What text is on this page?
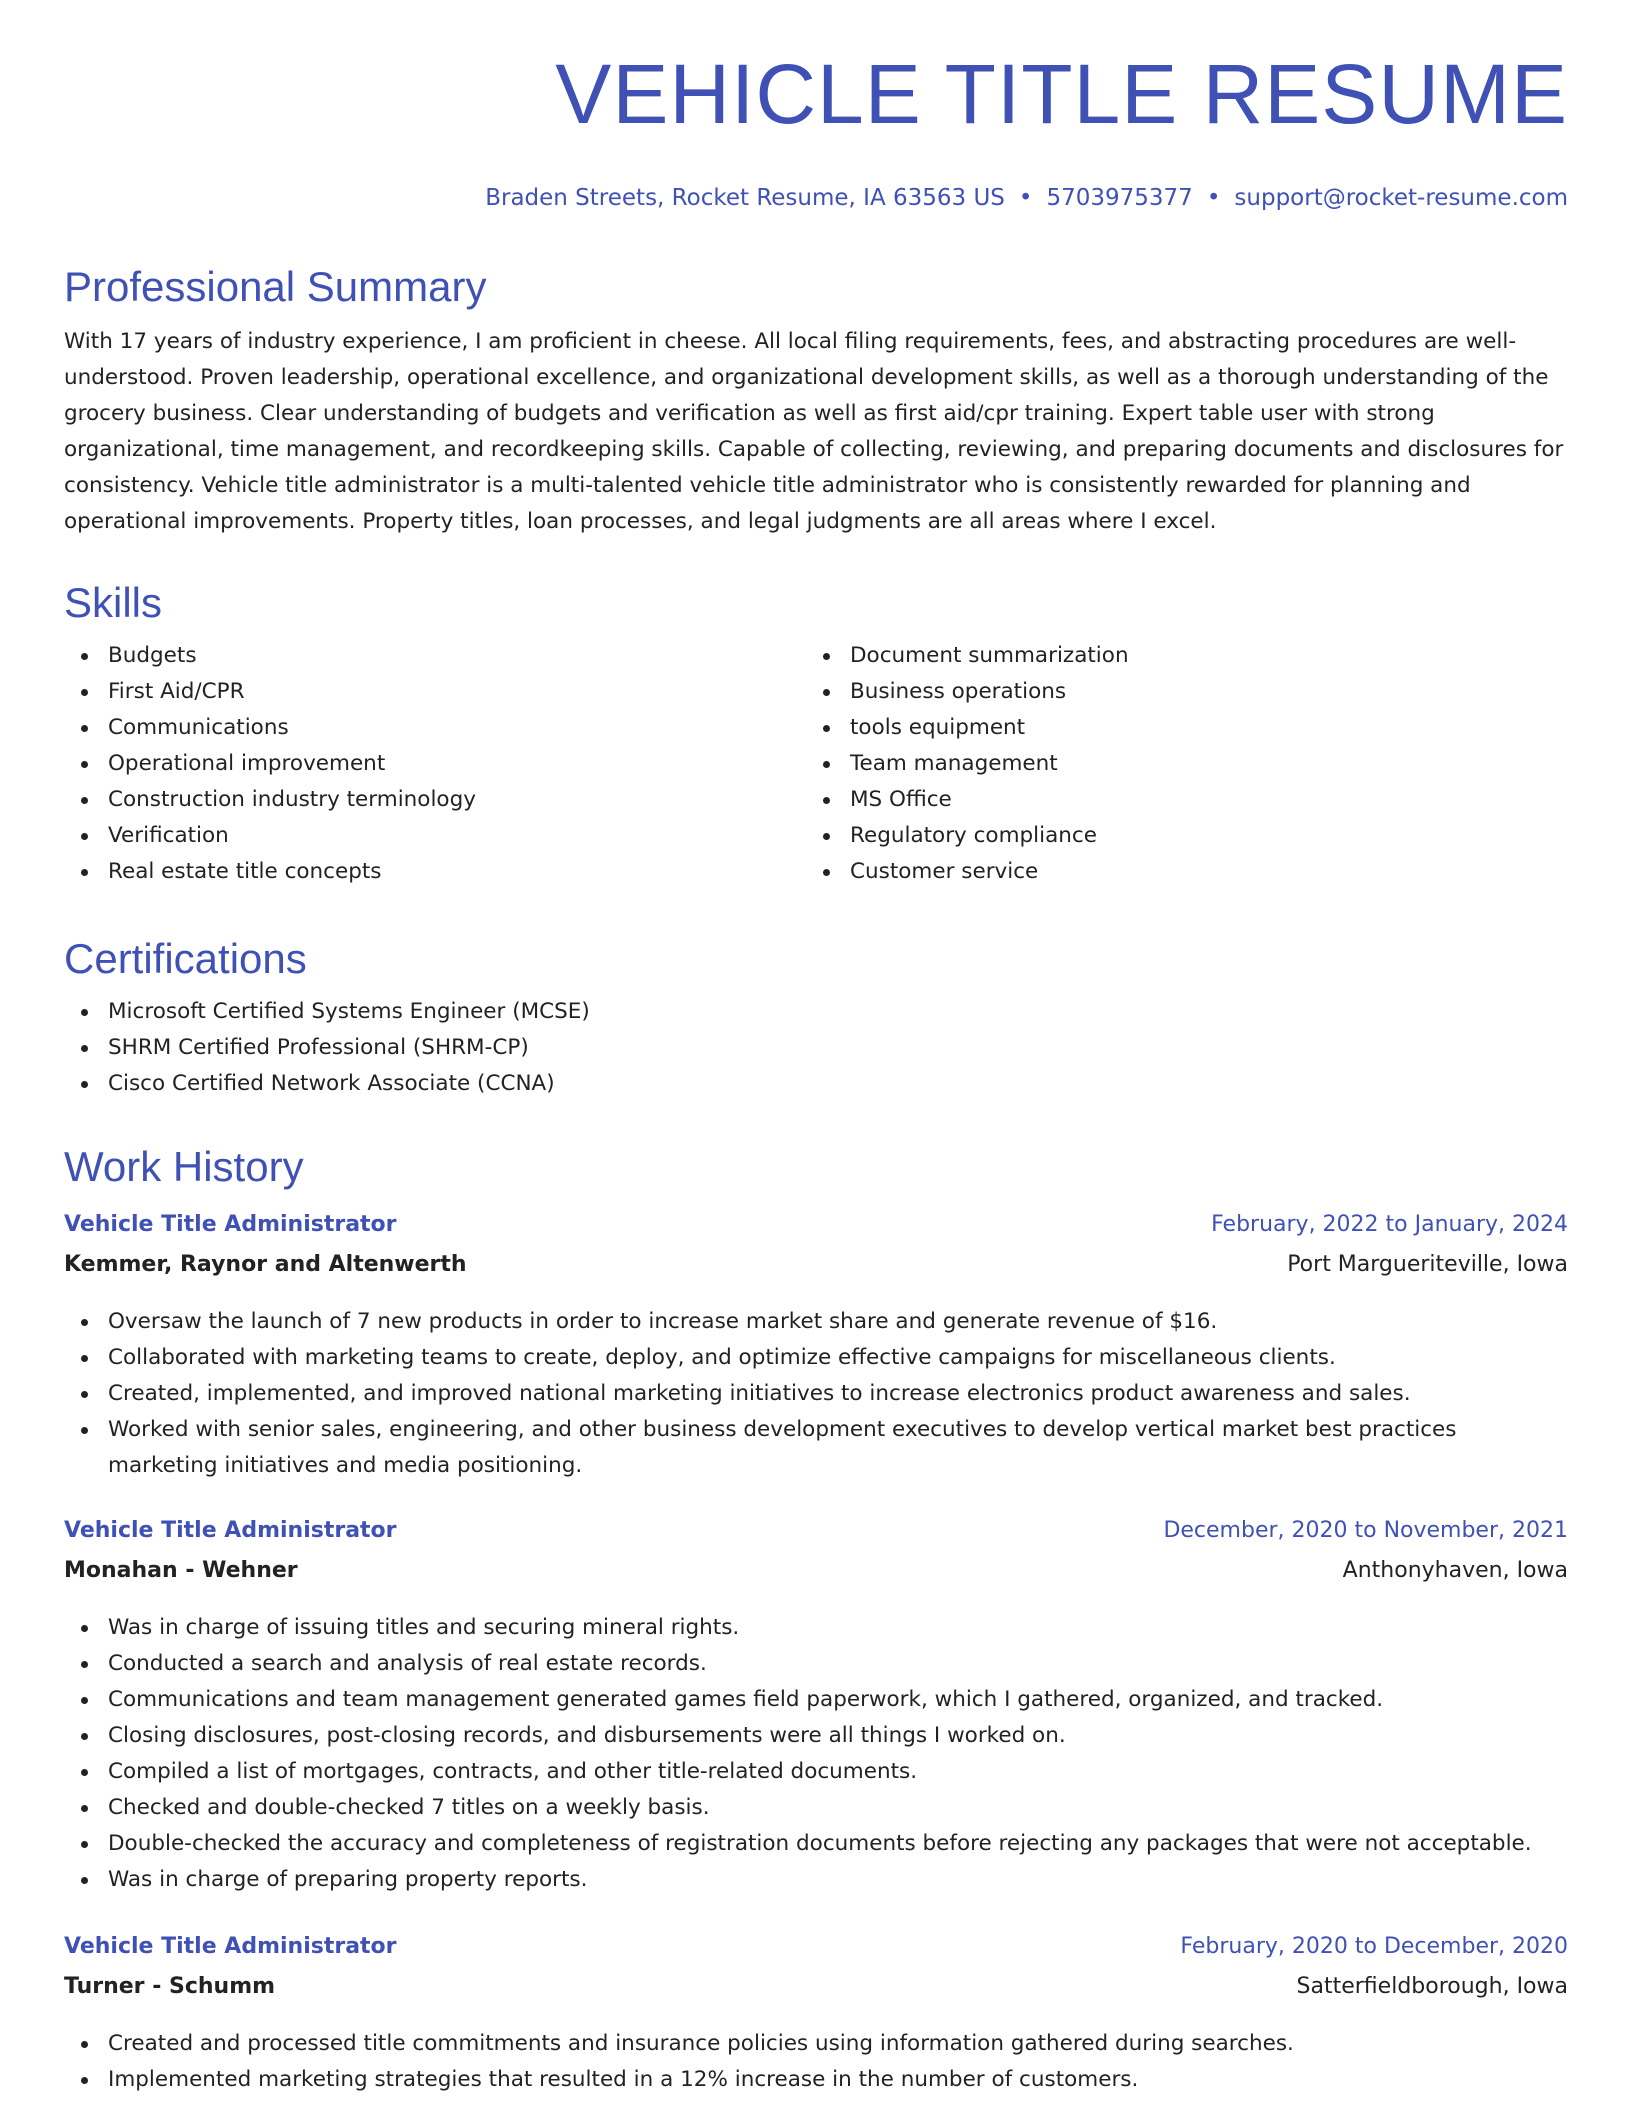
VEHICLE TITLE RESUME
Braden Streets, Rocket Resume, IA 63563 US • 5703975377 • support@rocket-resume.com
Professional Summary

With 17 years of industry experience, I am proficient in cheese. All local filing requirements, fees, and abstracting procedures are well-understood. Proven leadership, operational excellence, and organizational development skills, as well as a thorough understanding of the grocery business. Clear understanding of budgets and verification as well as first aid/cpr training. Expert table user with strong organizational, time management, and recordkeeping skills. Capable of collecting, reviewing, and preparing documents and disclosures for consistency. Vehicle title administrator is a multi-talented vehicle title administrator who is consistently rewarded for planning and operational improvements. Property titles, loan processes, and legal judgments are all areas where I excel.

Skills
Budgets
First Aid/CPR
Communications
Operational improvement
Construction industry terminology
Verification
Real estate title concepts
Document summarization
Business operations
tools equipment
Team management
MS Office
Regulatory compliance
Customer service
Certifications
Microsoft Certified Systems Engineer (MCSE)
SHRM Certified Professional (SHRM-CP)
Cisco Certified Network Associate (CCNA)
Work History
Vehicle Title Administrator	February, 2022 to January, 2024
Kemmer, Raynor and Altenwerth	Port Margueriteville, Iowa
Oversaw the launch of 7 new products in order to increase market share and generate revenue of $16.
Collaborated with marketing teams to create, deploy, and optimize effective campaigns for miscellaneous clients.
Created, implemented, and improved national marketing initiatives to increase electronics product awareness and sales.
Worked with senior sales, engineering, and other business development executives to develop vertical market best practices marketing initiatives and media positioning.
Vehicle Title Administrator	December, 2020 to November, 2021
Monahan - Wehner	Anthonyhaven, Iowa
Was in charge of issuing titles and securing mineral rights.
Conducted a search and analysis of real estate records.
Communications and team management generated games field paperwork, which I gathered, organized, and tracked.
Closing disclosures, post-closing records, and disbursements were all things I worked on.
Compiled a list of mortgages, contracts, and other title-related documents.
Checked and double-checked 7 titles on a weekly basis.
Double-checked the accuracy and completeness of registration documents before rejecting any packages that were not acceptable.
Was in charge of preparing property reports.
Vehicle Title Administrator	February, 2020 to December, 2020
Turner - Schumm	Satterfieldborough, Iowa
Created and processed title commitments and insurance policies using information gathered during searches.
Implemented marketing strategies that resulted in a 12% increase in the number of customers.
